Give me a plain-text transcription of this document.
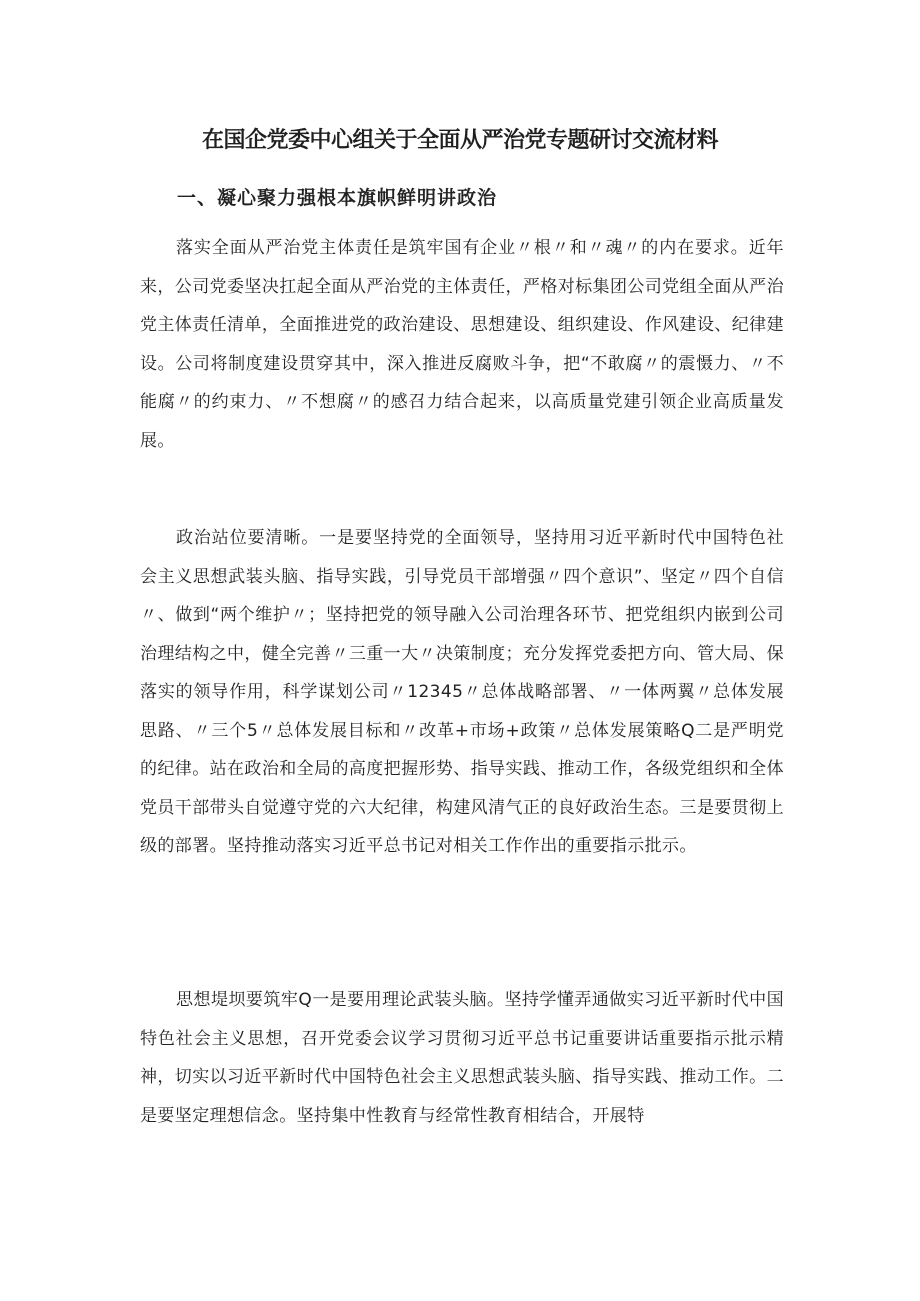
在国企党委中心组关于全面从严治党专题研讨交流材料
一、凝心聚力强根本旗帜鲜明讲政治

落实全面从严治党主体责任是筑牢国有企业〃根〃和〃魂〃的内在要求。近年来，公司党委坚决扛起全面从严治党的主体责任，严格对标集团公司党组全面从严治党主体责任清单，全面推进党的政治建设、思想建设、组织建设、作风建设、纪律建设。公司将制度建设贯穿其中，深入推进反腐败斗争，把“不敢腐〃的震慑力、〃不能腐〃的约束力、〃不想腐〃的感召力结合起来，以高质量党建引领企业高质量发展。

政治站位要清晰。一是要坚持党的全面领导，坚持用习近平新时代中国特色社会主义思想武装头脑、指导实践，引导党员干部增强〃四个意识”、坚定〃四个自信〃、做到“两个维护〃；坚持把党的领导融入公司治理各环节、把党组织内嵌到公司治理结构之中，健全完善〃三重一大〃决策制度；充分发挥党委把方向、管大局、保落实的领导作用，科学谋划公司〃12345〃总体战略部署、〃一体两翼〃总体发展思路、〃三个5〃总体发展目标和〃改革+市场+政策〃总体发展策略Q二是严明党的纪律。站在政治和全局的高度把握形势、指导实践、推动工作，各级党组织和全体党员干部带头自觉遵守党的六大纪律，构建风清气正的良好政治生态。三是要贯彻上级的部署。坚持推动落实习近平总书记对相关工作作出的重要指示批示。

思想堤坝要筑牢Q一是要用理论武装头脑。坚持学懂弄通做实习近平新时代中国特色社会主义思想，召开党委会议学习贯彻习近平总书记重要讲话重要指示批示精神，切实以习近平新时代中国特色社会主义思想武装头脑、指导实践、推动工作。二是要坚定理想信念。坚持集中性教育与经常性教育相结合，开展特
